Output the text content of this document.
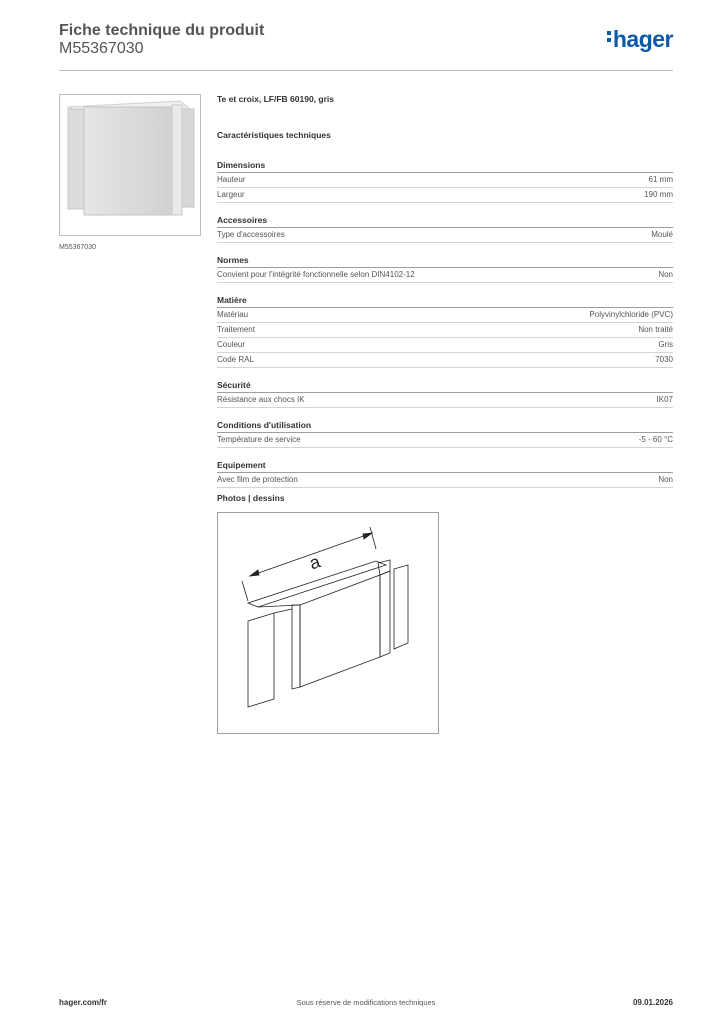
Fiche technique du produit
M55367030	hager
M55367030
Te et croix, LF/FB 60190, gris
Caractéristiques techniques
Dimensions
Hauteur	61 mm
Largeur	190 mm
Accessoires
Type d'accessoires	Moulé
Normes
Convient pour l'intégrité fonctionnelle selon DIN4102-12	Non
Matière
Matériau	Polyvinylchloride (PVC)
Traitement	Non traité
Couleur	Gris
Code RAL	7030
Sécurité
Résistance aux chocs IK	IK07
Conditions d'utilisation
Température de service	-5 - 60 °C
Equipement
Avec film de protection	Non
Photos | dessins
a
hager.com/fr	Sous réserve de modifications techniques	09.01.2026
